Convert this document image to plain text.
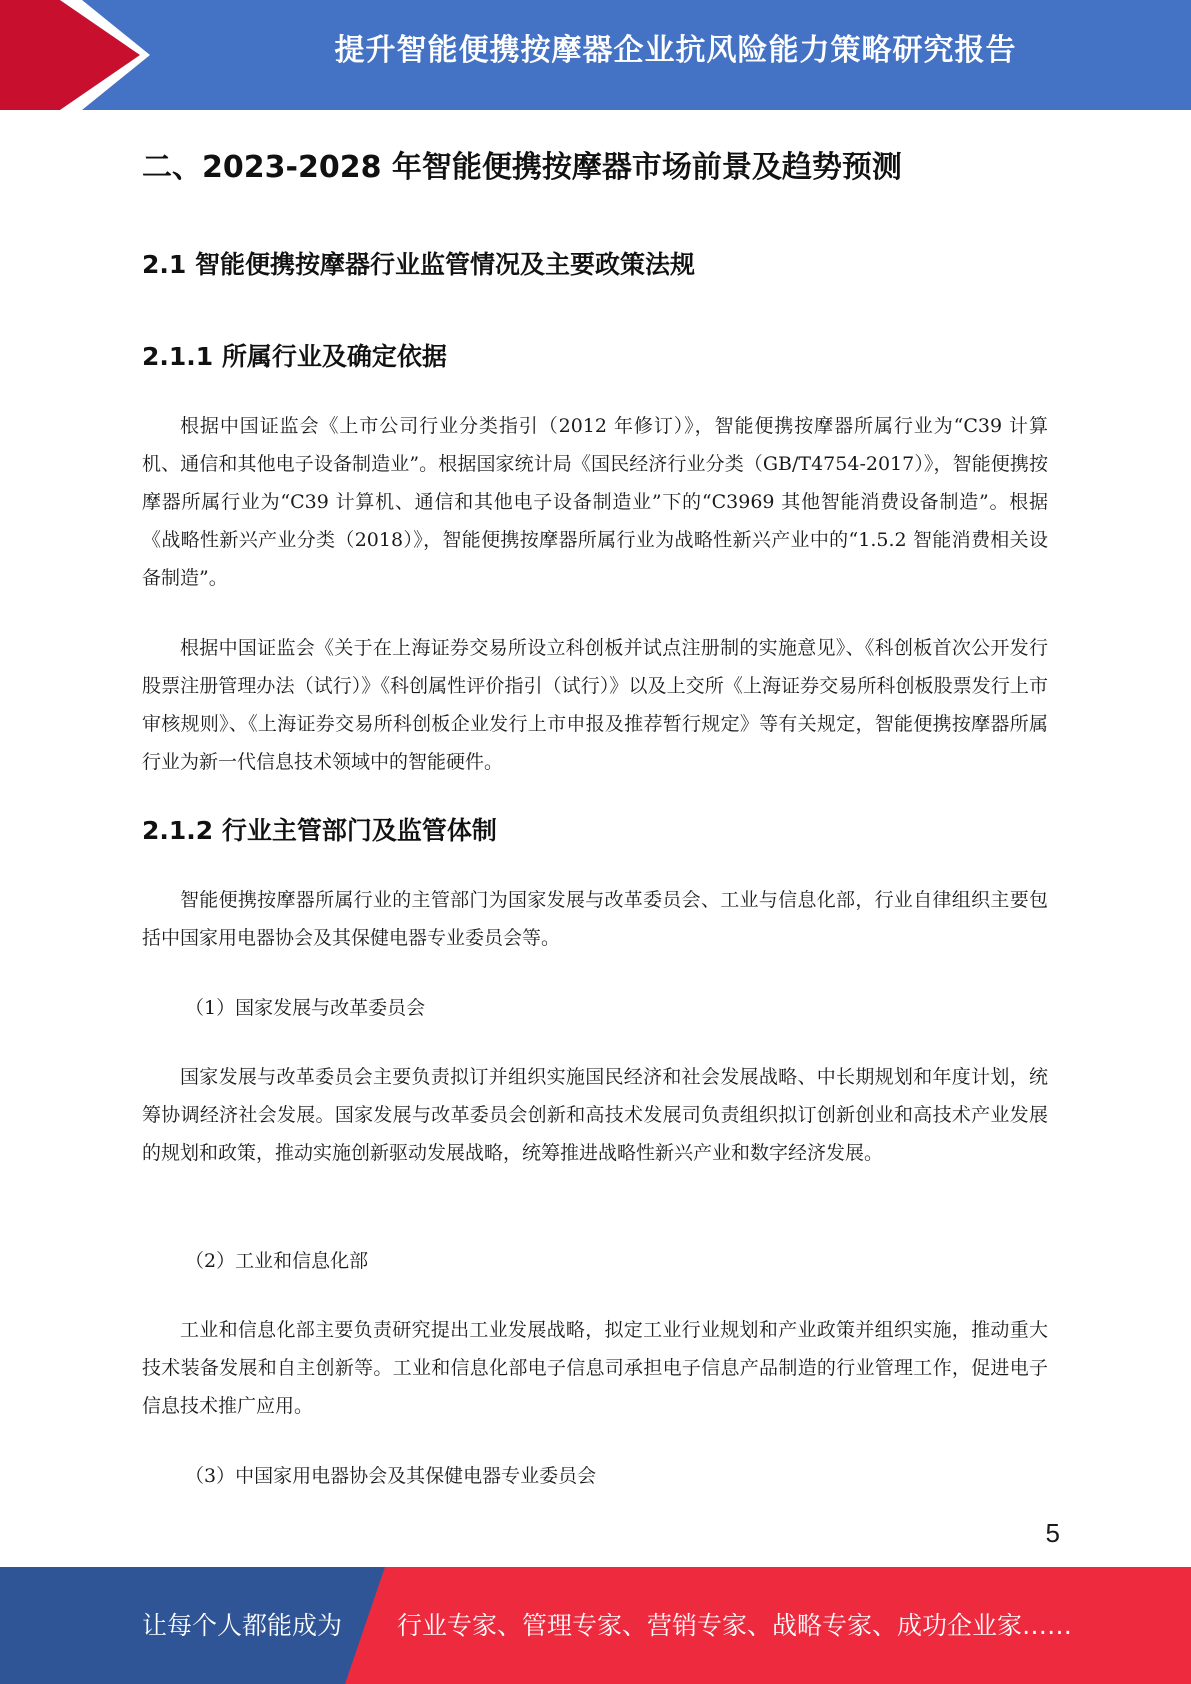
提升智能便携按摩器企业抗风险能力策略研究报告
二、2023-2028 年智能便携按摩器市场前景及趋势预测
2.1 智能便携按摩器行业监管情况及主要政策法规
2.1.1 所属行业及确定依据
根据中国证监会《上市公司行业分类指引（2012 年修订）》，智能便携按摩器所属行业为“C39 计算机、通信和其他电子设备制造业”。根据国家统计局《国民经济行业分类（GB/T4754-2017）》，智能便携按摩器所属行业为“C39 计算机、通信和其他电子设备制造业”下的“C3969 其他智能消费设备制造”。根据《战略性新兴产业分类（2018）》，智能便携按摩器所属行业为战略性新兴产业中的“1.5.2 智能消费相关设备制造”。
根据中国证监会《关于在上海证券交易所设立科创板并试点注册制的实施意见》、《科创板首次公开发行股票注册管理办法（试行）》《科创属性评价指引（试行）》以及上交所《上海证券交易所科创板股票发行上市审核规则》、《上海证券交易所科创板企业发行上市申报及推荐暂行规定》等有关规定，智能便携按摩器所属行业为新一代信息技术领域中的智能硬件。
2.1.2 行业主管部门及监管体制
智能便携按摩器所属行业的主管部门为国家发展与改革委员会、工业与信息化部，行业自律组织主要包括中国家用电器协会及其保健电器专业委员会等。
（1）国家发展与改革委员会
国家发展与改革委员会主要负责拟订并组织实施国民经济和社会发展战略、中长期规划和年度计划，统筹协调经济社会发展。国家发展与改革委员会创新和高技术发展司负责组织拟订创新创业和高技术产业发展的规划和政策，推动实施创新驱动发展战略，统筹推进战略性新兴产业和数字经济发展。
（2）工业和信息化部
工业和信息化部主要负责研究提出工业发展战略，拟定工业行业规划和产业政策并组织实施，推动重大技术装备发展和自主创新等。工业和信息化部电子信息司承担电子信息产品制造的行业管理工作，促进电子信息技术推广应用。
（3）中国家用电器协会及其保健电器专业委员会
5
让每个人都能成为 行业专家、管理专家、营销专家、战略专家、成功企业家……
